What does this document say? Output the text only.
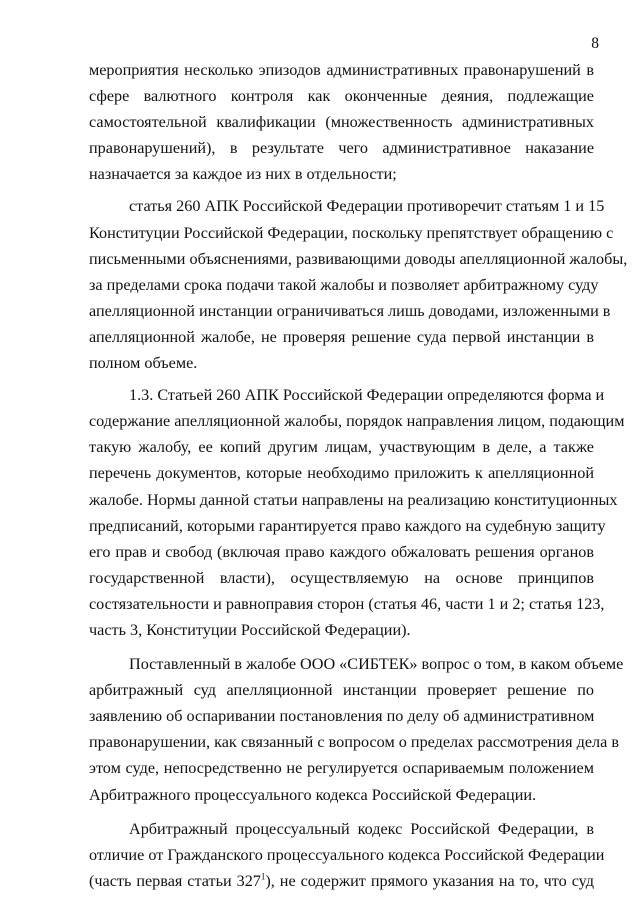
8
мероприятия несколько эпизодов административных правонарушений в
сфере валютного контроля как оконченные деяния, подлежащие
самостоятельной квалификации (множественность административных
правонарушений), в результате чего административное наказание
назначается за каждое из них в отдельности;
статья 260 АПК Российской Федерации противоречит статьям 1 и 15
Конституции Российской Федерации, поскольку препятствует обращению с
письменными объяснениями, развивающими доводы апелляционной жалобы,
за пределами срока подачи такой жалобы и позволяет арбитражному суду
апелляционной инстанции ограничиваться лишь доводами, изложенными в
апелляционной жалобе, не проверяя решение суда первой инстанции в
полном объеме.
1.3. Статьей 260 АПК Российской Федерации определяются форма и
содержание апелляционной жалобы, порядок направления лицом, подающим
такую жалобу, ее копий другим лицам, участвующим в деле, а также
перечень документов, которые необходимо приложить к апелляционной
жалобе. Нормы данной статьи направлены на реализацию конституционных
предписаний, которыми гарантируется право каждого на судебную защиту
его прав и свобод (включая право каждого обжаловать решения органов
государственной власти), осуществляемую на основе принципов
состязательности и равноправия сторон (статья 46, части 1 и 2; статья 123,
часть 3, Конституции Российской Федерации).
Поставленный в жалобе ООО «СИБТЕК» вопрос о том, в каком объеме
арбитражный суд апелляционной инстанции проверяет решение по
заявлению об оспаривании постановления по делу об административном
правонарушении, как связанный с вопросом о пределах рассмотрения дела в
этом суде, непосредственно не регулируется оспариваемым положением
Арбитражного процессуального кодекса Российской Федерации.
Арбитражный процессуальный кодекс Российской Федерации, в
отличие от Гражданского процессуального кодекса Российской Федерации
(часть первая статьи $327^1$), не содержит прямого указания на то, что суд
